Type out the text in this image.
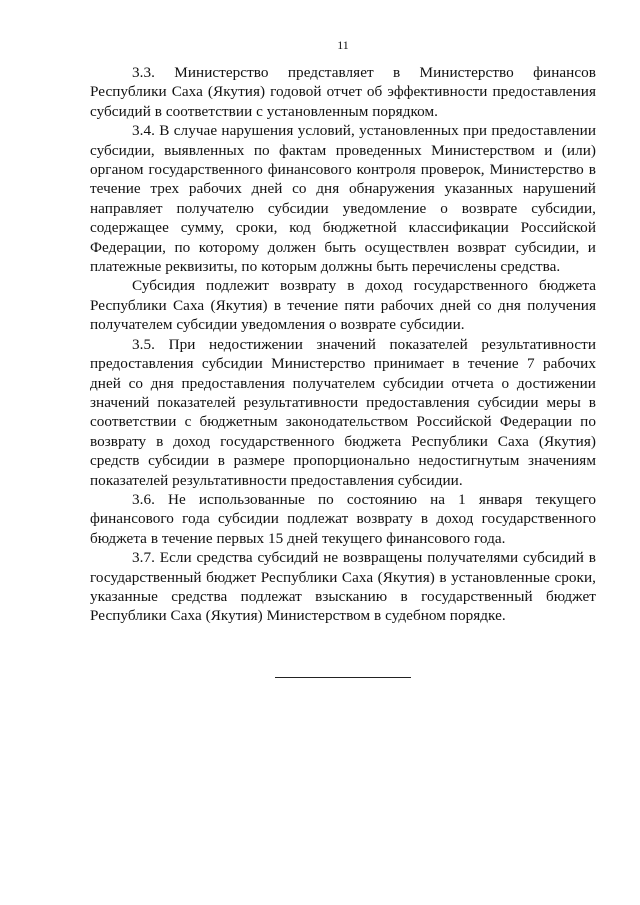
11

3.3. Министерство представляет в Министерство финансов Республики Саха (Якутия) годовой отчет об эффективности предоставления субсидий в соответствии с установленным порядком.

3.4. В случае нарушения условий, установленных при предоставлении субсидии, выявленных по фактам проведенных Министерством и (или) органом государственного финансового контроля проверок, Министерство в течение трех рабочих дней со дня обнаружения указанных нарушений направляет получателю субсидии уведомление о возврате субсидии, содержащее сумму, сроки, код бюджетной классификации Российской Федерации, по которому должен быть осуществлен возврат субсидии, и платежные реквизиты, по которым должны быть перечислены средства.

Субсидия подлежит возврату в доход государственного бюджета Республики Саха (Якутия) в течение пяти рабочих дней со дня получения получателем субсидии уведомления о возврате субсидии.

3.5. При недостижении значений показателей результативности предоставления субсидии Министерство принимает в течение 7 рабочих дней со дня предоставления получателем субсидии отчета о достижении значений показателей результативности предоставления субсидии меры в соответствии с бюджетным законодательством Российской Федерации по возврату в доход государственного бюджета Республики Саха (Якутия) средств субсидии в размере пропорционально недостигнутым значениям показателей результативности предоставления субсидии.

3.6. Не использованные по состоянию на 1 января текущего финансового года субсидии подлежат возврату в доход государственного бюджета в течение первых 15 дней текущего финансового года.

3.7. Если средства субсидий не возвращены получателями субсидий в государственный бюджет Республики Саха (Якутия) в установленные сроки, указанные средства подлежат взысканию в государственный бюджет Республики Саха (Якутия) Министерством в судебном порядке.
